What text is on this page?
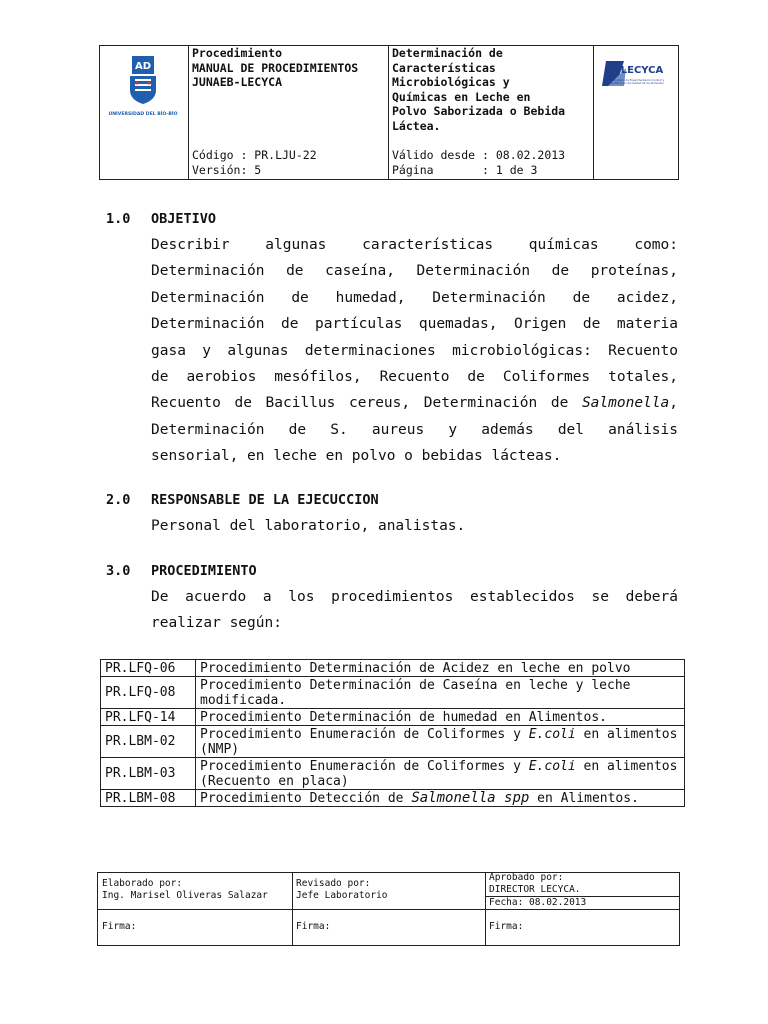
AD
UNIVERSIDAD DEL BÍO-BÍO
Procedimiento
MANUAL DE PROCEDIMIENTOS
JUNAEB-LECYCA
Código : PR.LJU-22
Versión: 5
Determinación de
Características
Microbiológicas y
Químicas en Leche en
Polvo Saborizada o Bebida
Láctea.
Válido desde : 08.02.2013
Página       : 1 de 3
LECYCA
Laboratorio de Experimentación Control y Certificación de Calidad de los Alimentos
1.0 OBJETIVO
Describir algunas características químicas como:
Determinación de caseína, Determinación de proteínas,
Determinación de humedad, Determinación de acidez,
Determinación de partículas quemadas, Origen de materia
gasa y algunas determinaciones microbiológicas: Recuento
de aerobios mesófilos, Recuento de Coliformes totales,
Recuento de Bacillus cereus, Determinación de Salmonella,
Determinación de S. aureus y además del análisis
sensorial, en leche en polvo o bebidas lácteas.
2.0 RESPONSABLE DE LA EJECUCCION
Personal del laboratorio, analistas.
3.0 PROCEDIMIENTO
De acuerdo a los procedimientos establecidos se deberá
realizar según:
PR.LFQ-06	Procedimiento Determinación de Acidez en leche en polvo
PR.LFQ-08	Procedimiento Determinación de Caseína en leche y leche modificada.
PR.LFQ-14	Procedimiento Determinación de humedad en Alimentos.
PR.LBM-02	Procedimiento Enumeración de Coliformes y E.coli en alimentos (NMP)
PR.LBM-03	Procedimiento Enumeración de Coliformes y E.coli en alimentos (Recuento en placa)
PR.LBM-08	Procedimiento Detección de Salmonella spp en Alimentos.
Elaborado por:
Ing. Marisel Oliveras Salazar
Revisado por:
Jefe Laboratorio
Aprobado por:
DIRECTOR LECYCA.
Fecha: 08.02.2013
Firma:	Firma:	Firma:
